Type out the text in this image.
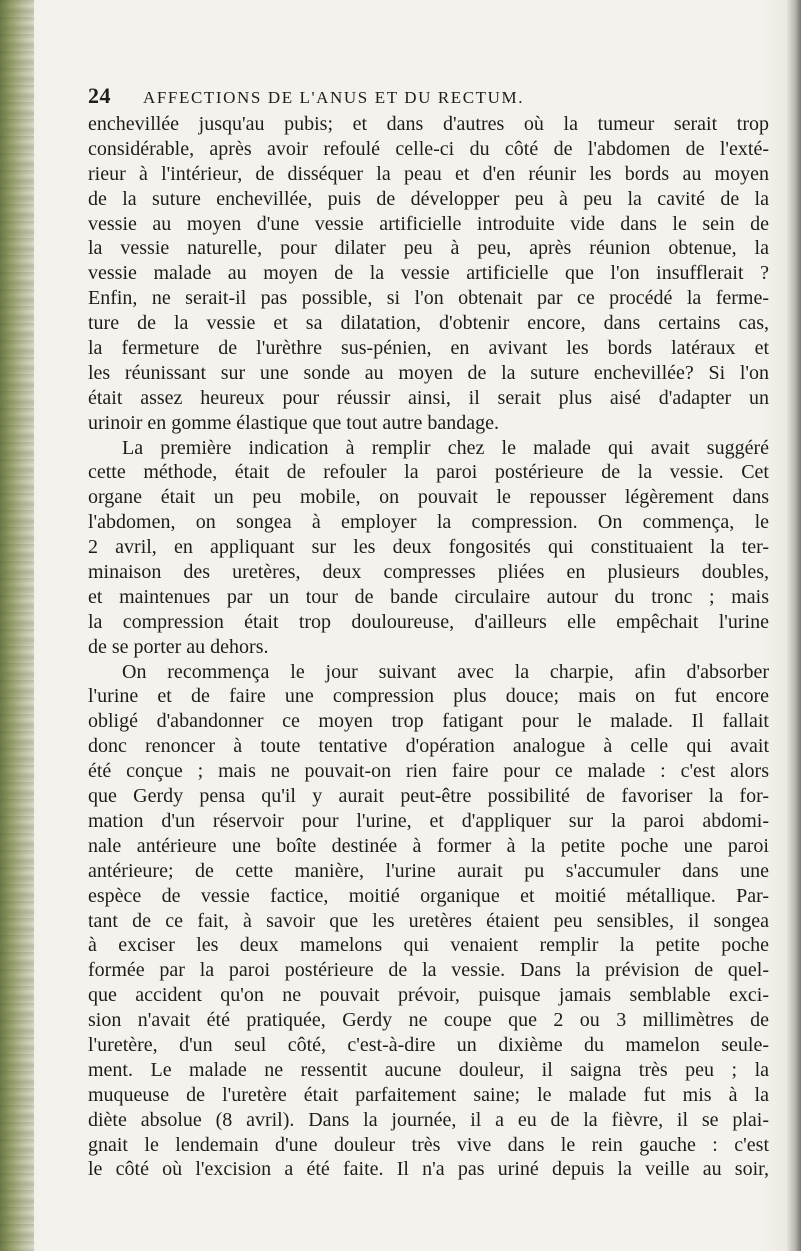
24 AFFECTIONS DE L'ANUS ET DU RECTUM.
enchevillée jusqu'au pubis; et dans d'autres où la tumeur serait trop
considérable, après avoir refoulé celle-ci du côté de l'abdomen de l'exté-
rieur à l'intérieur, de disséquer la peau et d'en réunir les bords au moyen
de la suture enchevillée, puis de développer peu à peu la cavité de la
vessie au moyen d'une vessie artificielle introduite vide dans le sein de
la vessie naturelle, pour dilater peu à peu, après réunion obtenue, la
vessie malade au moyen de la vessie artificielle que l'on insufflerait ?
Enfin, ne serait-il pas possible, si l'on obtenait par ce procédé la ferme-
ture de la vessie et sa dilatation, d'obtenir encore, dans certains cas,
la fermeture de l'urèthre sus-pénien, en avivant les bords latéraux et
les réunissant sur une sonde au moyen de la suture enchevillée? Si l'on
était assez heureux pour réussir ainsi, il serait plus aisé d'adapter un
urinoir en gomme élastique que tout autre bandage.
La première indication à remplir chez le malade qui avait suggéré
cette méthode, était de refouler la paroi postérieure de la vessie. Cet
organe était un peu mobile, on pouvait le repousser légèrement dans
l'abdomen, on songea à employer la compression. On commença, le
2 avril, en appliquant sur les deux fongosités qui constituaient la ter-
minaison des uretères, deux compresses pliées en plusieurs doubles,
et maintenues par un tour de bande circulaire autour du tronc ; mais
la compression était trop douloureuse, d'ailleurs elle empêchait l'urine
de se porter au dehors.
On recommença le jour suivant avec la charpie, afin d'absorber
l'urine et de faire une compression plus douce; mais on fut encore
obligé d'abandonner ce moyen trop fatigant pour le malade. Il fallait
donc renoncer à toute tentative d'opération analogue à celle qui avait
été conçue ; mais ne pouvait-on rien faire pour ce malade : c'est alors
que Gerdy pensa qu'il y aurait peut-être possibilité de favoriser la for-
mation d'un réservoir pour l'urine, et d'appliquer sur la paroi abdomi-
nale antérieure une boîte destinée à former à la petite poche une paroi
antérieure; de cette manière, l'urine aurait pu s'accumuler dans une
espèce de vessie factice, moitié organique et moitié métallique. Par-
tant de ce fait, à savoir que les uretères étaient peu sensibles, il songea
à exciser les deux mamelons qui venaient remplir la petite poche
formée par la paroi postérieure de la vessie. Dans la prévision de quel-
que accident qu'on ne pouvait prévoir, puisque jamais semblable exci-
sion n'avait été pratiquée, Gerdy ne coupe que 2 ou 3 millimètres de
l'uretère, d'un seul côté, c'est-à-dire un dixième du mamelon seule-
ment. Le malade ne ressentit aucune douleur, il saigna très peu ; la
muqueuse de l'uretère était parfaitement saine; le malade fut mis à la
diète absolue (8 avril). Dans la journée, il a eu de la fièvre, il se plai-
gnait le lendemain d'une douleur très vive dans le rein gauche : c'est
le côté où l'excision a été faite. Il n'a pas uriné depuis la veille au soir,
